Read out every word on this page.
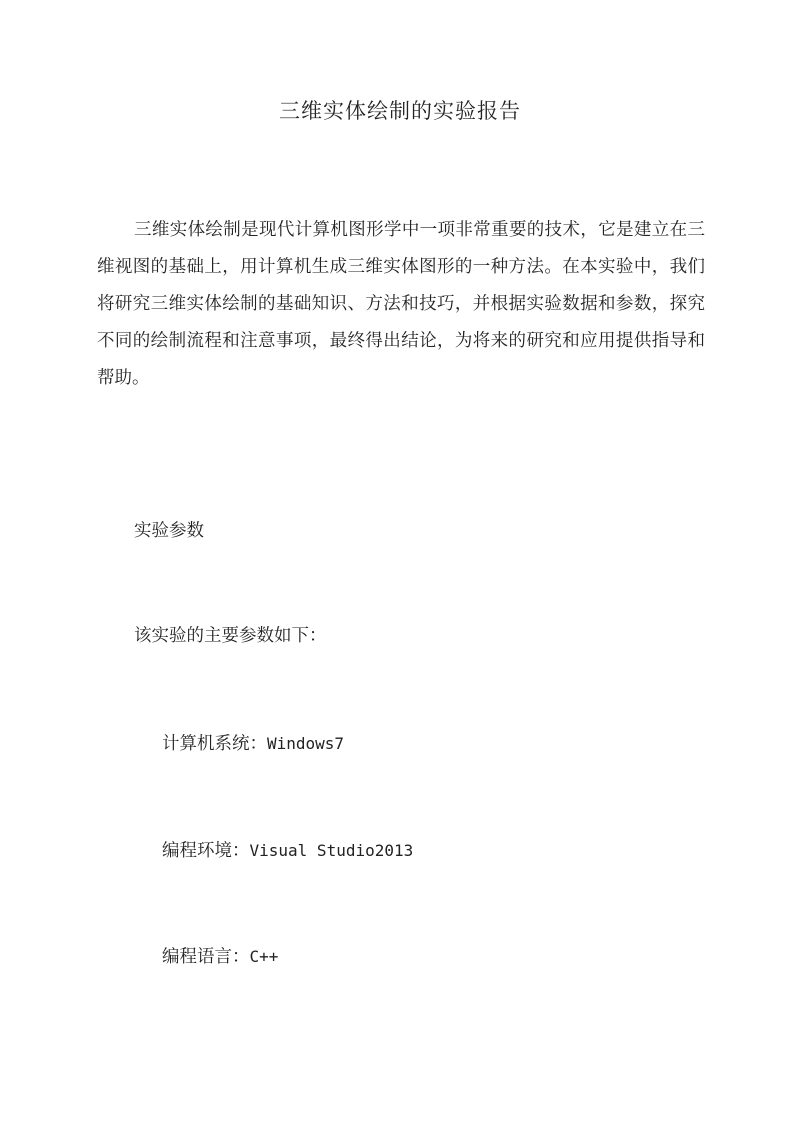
三维实体绘制的实验报告

三维实体绘制是现代计算机图形学中一项非常重要的技术，它是建立在三维视图的基础上，用计算机生成三维实体图形的一种方法。在本实验中，我们将研究三维实体绘制的基础知识、方法和技巧，并根据实验数据和参数，探究不同的绘制流程和注意事项，最终得出结论，为将来的研究和应用提供指导和帮助。

实验参数

该实验的主要参数如下：

计算机系统：Windows7

编程环境：Visual Studio2013

编程语言：C++
